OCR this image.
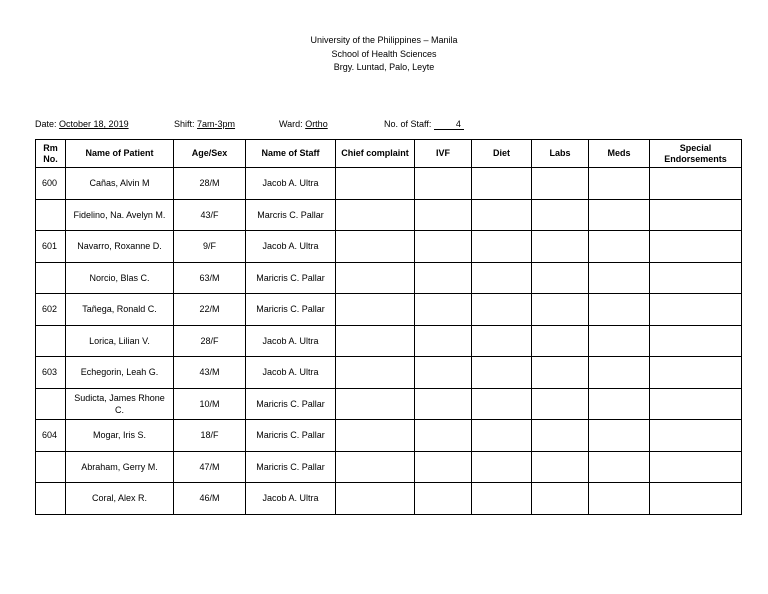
University of the Philippines – Manila
School of Health Sciences
Brgy. Luntad, Palo, Leyte
Date: October 18, 2019	Shift: 7am-3pm	Ward: Ortho	No. of Staff:	4
Rm No.	Name of Patient	Age/Sex	Name of Staff	Chief complaint	IVF	Diet	Labs	Meds	Special Endorsements
600	Cañas, Alvin M	28/M	Jacob A. Ultra						
	Fidelino, Na. Avelyn M.	43/F	Marcris C. Pallar						
601	Navarro, Roxanne D.	9/F	Jacob A. Ultra						
	Norcio, Blas C.	63/M	Maricris C. Pallar						
602	Tañega, Ronald C.	22/M	Maricris C. Pallar						
	Lorica, Lilian V.	28/F	Jacob A. Ultra						
603	Echegorin, Leah G.	43/M	Jacob A. Ultra						
	Sudicta, James Rhone C.	10/M	Maricris C. Pallar						
604	Mogar, Iris S.	18/F	Maricris C. Pallar						
	Abraham, Gerry M.	47/M	Maricris C. Pallar						
	Coral, Alex R.	46/M	Jacob A. Ultra						
